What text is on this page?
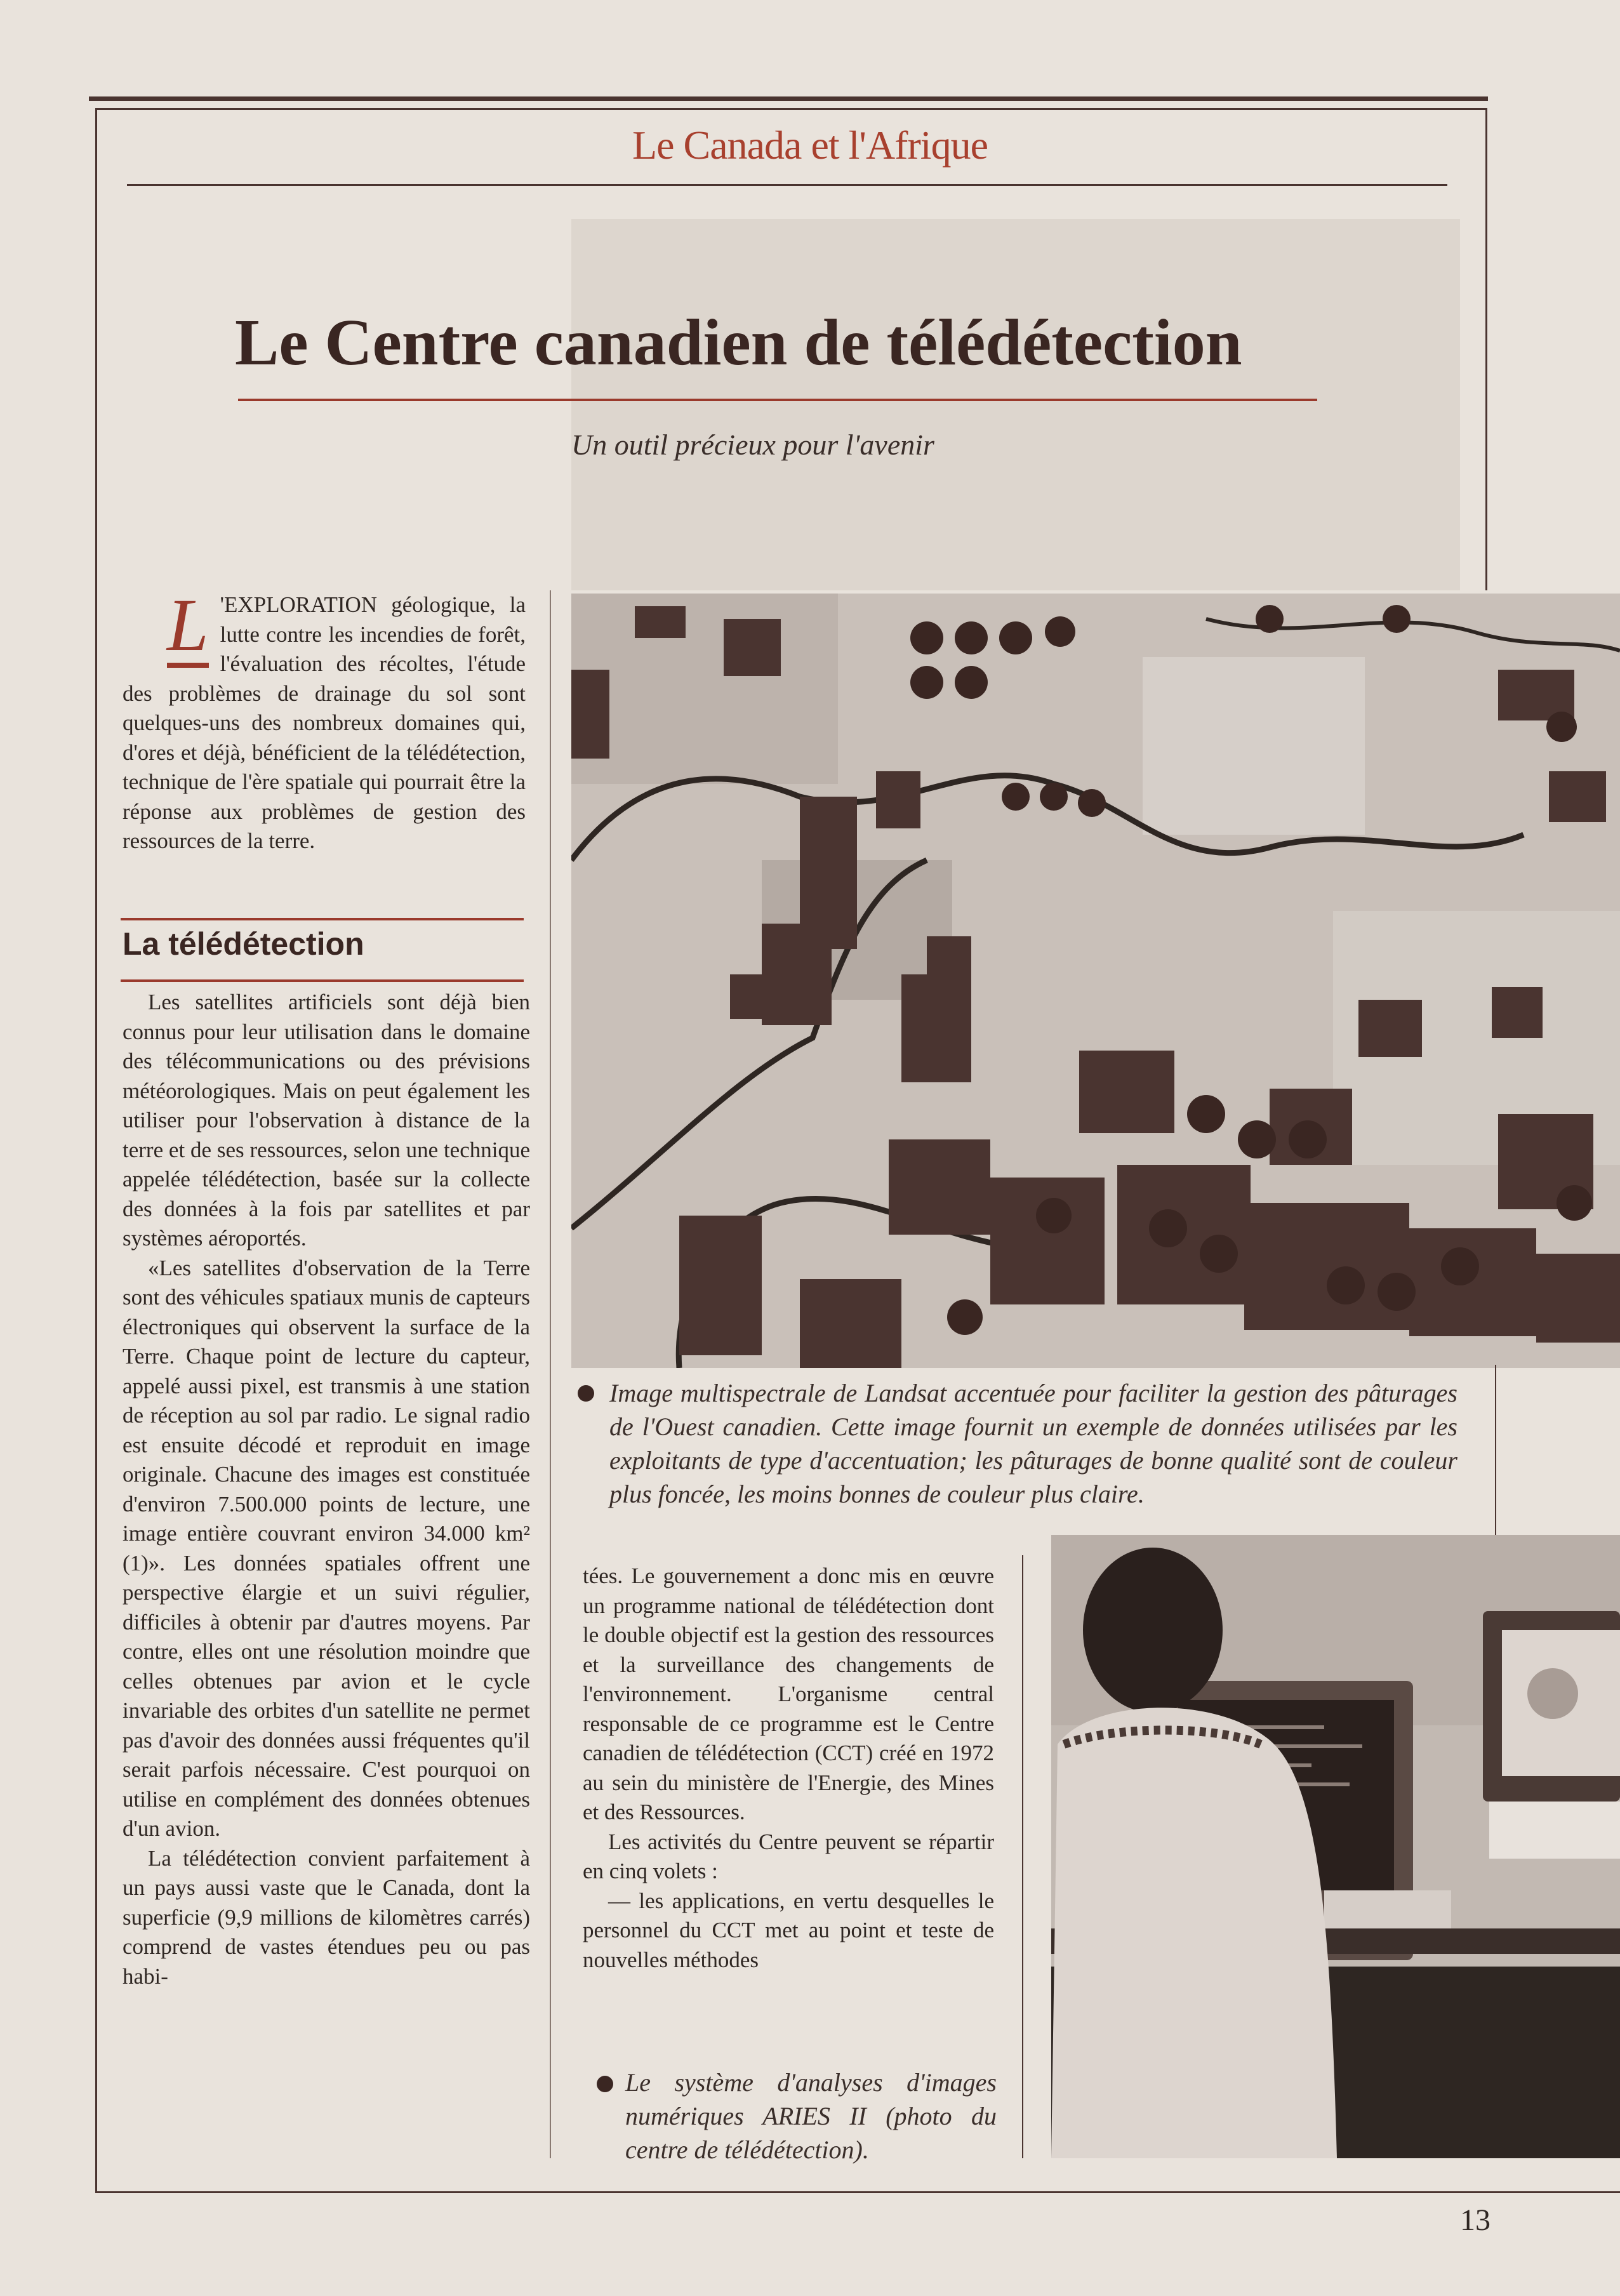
Le Canada et l'Afrique
Le Centre canadien de télédétection
Un outil précieux pour l'avenir
L 'EXPLORATION géologique, la lutte contre les incendies de forêt, l'évaluation des récoltes, l'étude des problèmes de drainage du sol sont quelques-uns des nombreux domaines qui, d'ores et déjà, bénéficient de la télédétection, technique de l'ère spatiale qui pourrait être la réponse aux problèmes de gestion des ressources de la terre.

La télédétection

Les satellites artificiels sont déjà bien connus pour leur utilisation dans le domaine des télécommunications ou des prévisions météorologiques. Mais on peut également les utiliser pour l'observation à distance de la terre et de ses ressources, selon une technique appelée télédétection, basée sur la collecte des données à la fois par satellites et par systèmes aéroportés.

«Les satellites d'observation de la Terre sont des véhicules spatiaux munis de capteurs électroniques qui observent la surface de la Terre. Chaque point de lecture du capteur, appelé aussi pixel, est transmis à une station de réception au sol par radio. Le signal radio est ensuite décodé et reproduit en image originale. Chacune des images est constituée d'environ 7.500.000 points de lecture, une image entière couvrant environ 34.000 km² (1)». Les données spatiales offrent une perspective élargie et un suivi régulier, difficiles à obtenir par d'autres moyens. Par contre, elles ont une résolution moindre que celles obtenues par avion et le cycle invariable des orbites d'un satellite ne permet pas d'avoir des données aussi fréquentes qu'il serait parfois nécessaire. C'est pourquoi on utilise en complément des données obtenues d'un avion.

La télédétection convient parfaitement à un pays aussi vaste que le Canada, dont la superficie (9,9 millions de kilomètres carrés) comprend de vastes étendues peu ou pas habi-

Image multispectrale de Landsat accentuée pour faciliter la gestion des pâturages de l'Ouest canadien. Cette image fournit un exemple de données utilisées par les exploitants de type d'accentuation; les pâturages de bonne qualité sont de couleur plus foncée, les moins bonnes de couleur plus claire.

tées. Le gouvernement a donc mis en œuvre un programme national de télédétection dont le double objectif est la gestion des ressources et la surveillance des changements de l'environnement. L'organisme central responsable de ce programme est le Centre canadien de télédétection (CCT) créé en 1972 au sein du ministère de l'Energie, des Mines et des Ressources.

Les activités du Centre peuvent se répartir en cinq volets :

— les applications, en vertu desquelles le personnel du CCT met au point et teste de nouvelles méthodes

Le système d'analyses d'images numériques ARIES II (photo du centre de télédétection).
13
